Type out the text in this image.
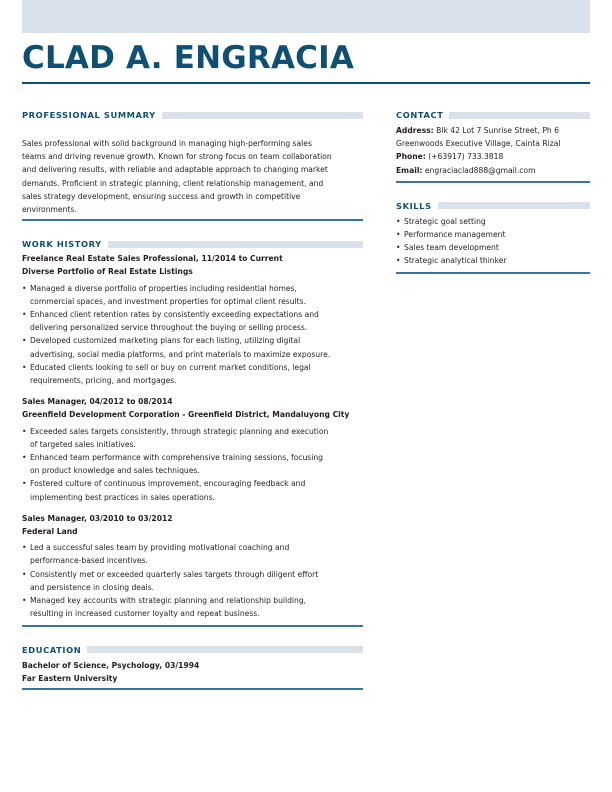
CLAD A. ENGRACIA
PROFESSIONAL SUMMARY
Sales professional with solid background in managing high-performing sales
teams and driving revenue growth. Known for strong focus on team collaboration
and delivering results, with reliable and adaptable approach to changing market
demands. Proficient in strategic planning, client relationship management, and
sales strategy development, ensuring success and growth in competitive
environments.
WORK HISTORY
Freelance Real Estate Sales Professional, 11/2014 to Current
Diverse Portfolio of Real Estate Listings
• Managed a diverse portfolio of properties including residential homes,
commercial spaces, and investment properties for optimal client results.
• Enhanced client retention rates by consistently exceeding expectations and
delivering personalized service throughout the buying or selling process.
• Developed customized marketing plans for each listing, utilizing digital
advertising, social media platforms, and print materials to maximize exposure.
• Educated clients looking to sell or buy on current market conditions, legal
requirements, pricing, and mortgages.
Sales Manager, 04/2012 to 08/2014
Greenfield Development Corporation - Greenfield District, Mandaluyong City
• Exceeded sales targets consistently, through strategic planning and execution
of targeted sales initiatives.
• Enhanced team performance with comprehensive training sessions, focusing
on product knowledge and sales techniques.
• Fostered culture of continuous improvement, encouraging feedback and
implementing best practices in sales operations.
Sales Manager, 03/2010 to 03/2012
Federal Land
• Led a successful sales team by providing motivational coaching and
performance-based incentives.
• Consistently met or exceeded quarterly sales targets through diligent effort
and persistence in closing deals.
• Managed key accounts with strategic planning and relationship building,
resulting in increased customer loyalty and repeat business.
EDUCATION
Bachelor of Science, Psychology, 03/1994
Far Eastern University
CONTACT
Address: Blk 42 Lot 7 Sunrise Street, Ph 6
Greenwoods Executive Village, Cainta Rizal
Phone: (+63917) 733.3818
Email: engraciaclad888@gmail.com
SKILLS
• Strategic goal setting
• Performance management
• Sales team development
• Strategic analytical thinker
